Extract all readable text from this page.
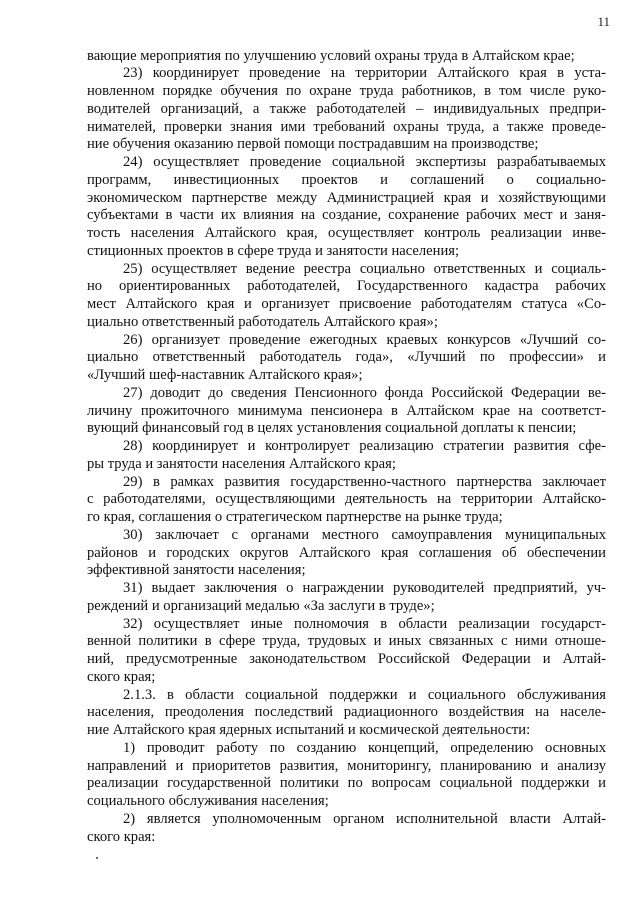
11
вающие мероприятия по улучшению условий охраны труда в Алтайском крае;
23) координирует проведение на территории Алтайского края в уста-
новленном порядке обучения по охране труда работников, в том числе руко-
водителей организаций, а также работодателей – индивидуальных предпри-
нимателей, проверки знания ими требований охраны труда, а также проведе-
ние обучения оказанию первой помощи пострадавшим на производстве;
24) осуществляет проведение социальной экспертизы разрабатываемых
программ, инвестиционных проектов и соглашений о социально-
экономическом партнерстве между Администрацией края и хозяйствующими
субъектами в части их влияния на создание, сохранение рабочих мест и заня-
тость населения Алтайского края, осуществляет контроль реализации инве-
стиционных проектов в сфере труда и занятости населения;
25) осуществляет ведение реестра социально ответственных и социаль-
но ориентированных работодателей, Государственного кадастра рабочих
мест Алтайского края и организует присвоение работодателям статуса «Со-
циально ответственный работодатель Алтайского края»;
26) организует проведение ежегодных краевых конкурсов «Лучший со-
циально ответственный работодатель года», «Лучший по профессии» и
«Лучший шеф-наставник Алтайского края»;
27) доводит до сведения Пенсионного фонда Российской Федерации ве-
личину прожиточного минимума пенсионера в Алтайском крае на соответст-
вующий финансовый год в целях установления социальной доплаты к пенсии;
28) координирует и контролирует реализацию стратегии развития сфе-
ры труда и занятости населения Алтайского края;
29) в рамках развития государственно-частного партнерства заключает
с работодателями, осуществляющими деятельность на территории Алтайско-
го края, соглашения о стратегическом партнерстве на рынке труда;
30) заключает с органами местного самоуправления муниципальных
районов и городских округов Алтайского края соглашения об обеспечении
эффективной занятости населения;
31) выдает заключения о награждении руководителей предприятий, уч-
реждений и организаций медалью «За заслуги в труде»;
32) осуществляет иные полномочия в области реализации государст-
венной политики в сфере труда, трудовых и иных связанных с ними отноше-
ний, предусмотренные законодательством Российской Федерации и Алтай-
ского края;
2.1.3. в области социальной поддержки и социального обслуживания
населения, преодоления последствий радиационного воздействия на населе-
ние Алтайского края ядерных испытаний и космической деятельности:
1) проводит работу по созданию концепций, определению основных
направлений и приоритетов развития, мониторингу, планированию и анализу
реализации государственной политики по вопросам социальной поддержки и
социального обслуживания населения;
2) является уполномоченным органом исполнительной власти Алтай-
ского края:
